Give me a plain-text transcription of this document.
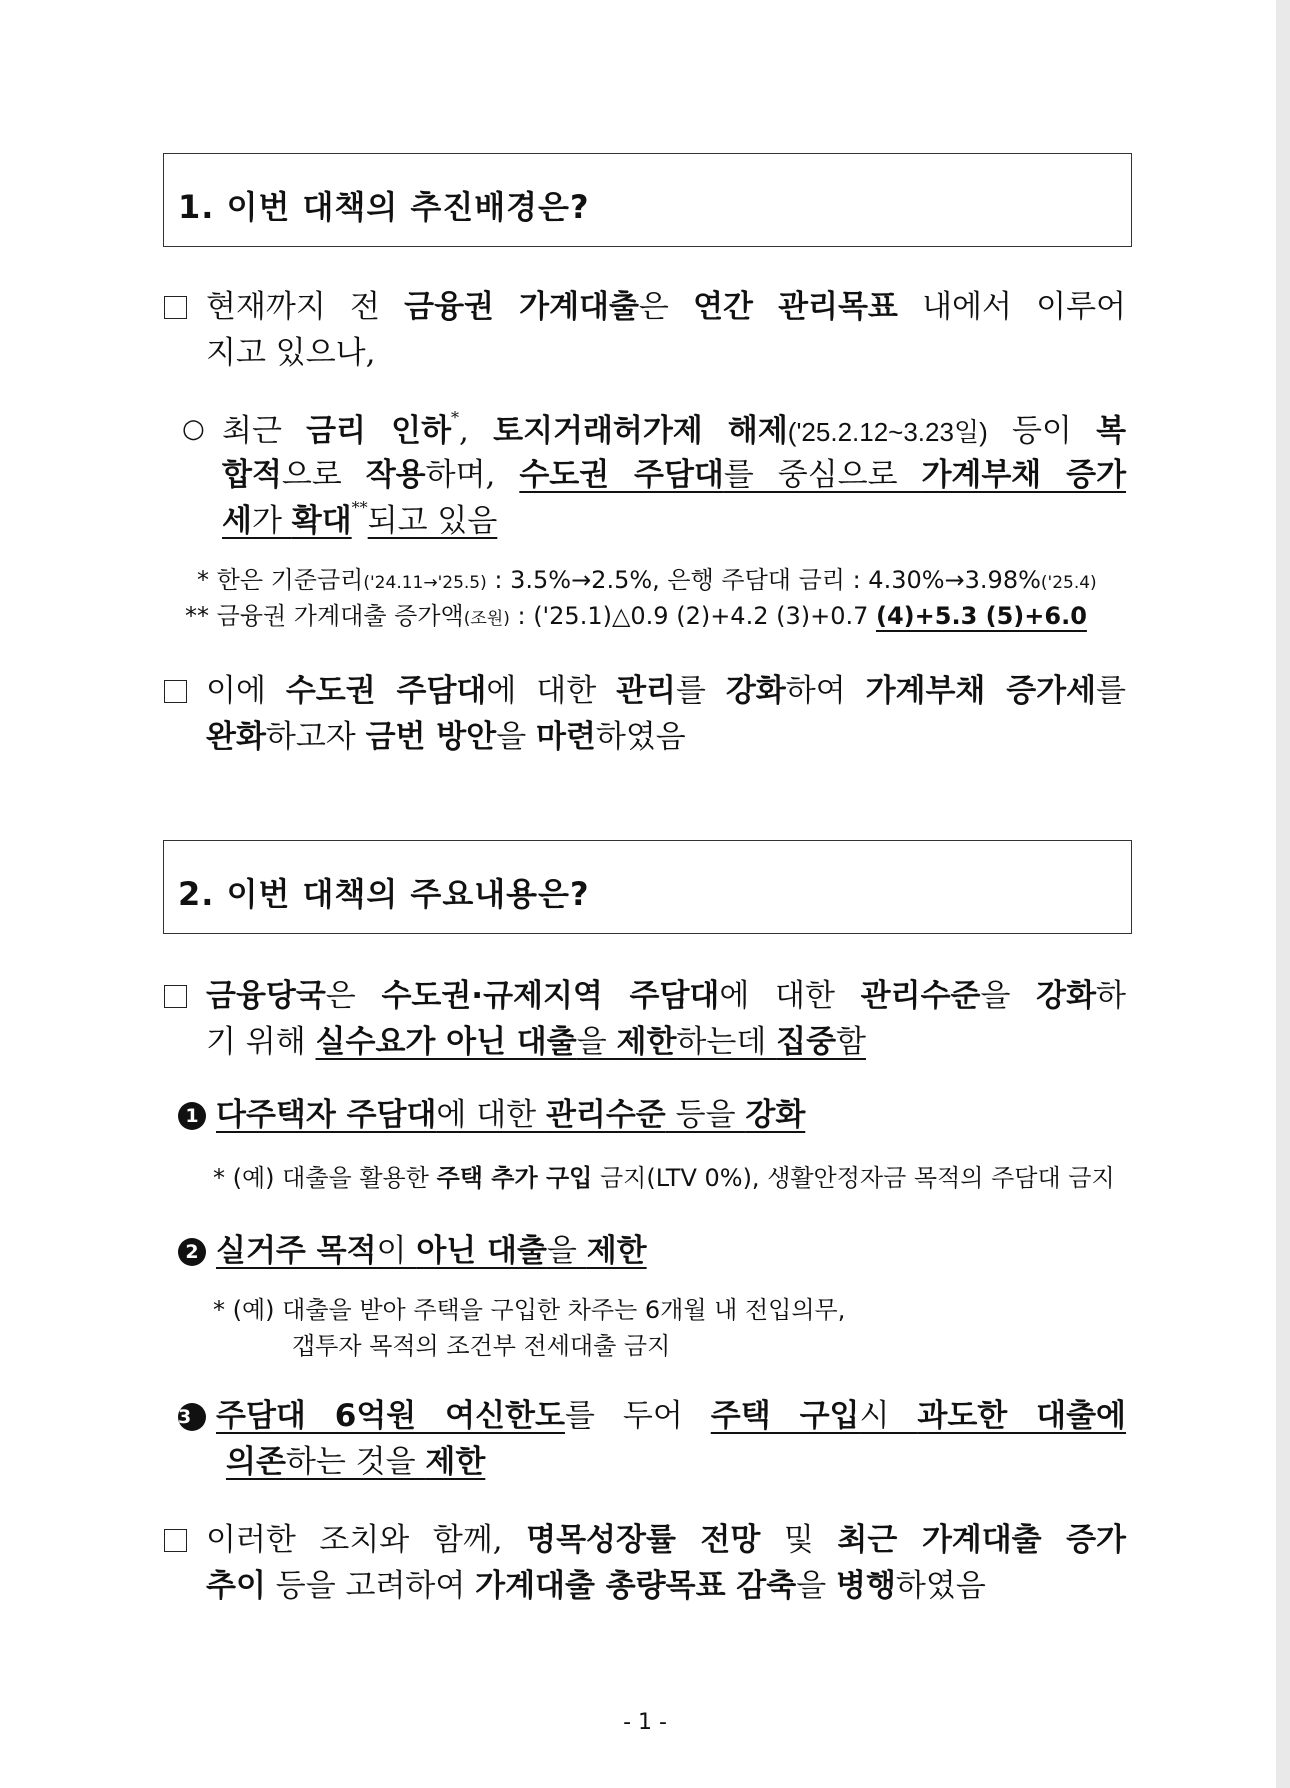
1. 이번 대책의 추진배경은?
현재까지 전 금융권 가계대출은 연간 관리목표 내에서 이루어
지고 있으나,
○ 최근 금리 인하*, 토지거래허가제 해제('25.2.12~3.23일) 등이 복
합적으로 작용하며, 수도권 주담대를 중심으로 가계부채 증가
세가 확대**되고 있음
* 한은 기준금리('24.11→'25.5) : 3.5%→2.5%, 은행 주담대 금리 : 4.30%→3.98%('25.4)
** 금융권 가계대출 증가액(조원) : ('25.1)△0.9 (2)+4.2 (3)+0.7 (4)+5.3 (5)+6.0
이에 수도권 주담대에 대한 관리를 강화하여 가계부채 증가세를
완화하고자 금번 방안을 마련하였음
2. 이번 대책의 주요내용은?
금융당국은 수도권·규제지역 주담대에 대한 관리수준을 강화하
기 위해 실수요가 아닌 대출을 제한하는데 집중함
1 다주택자 주담대에 대한 관리수준 등을 강화
* (예) 대출을 활용한 주택 추가 구입 금지(LTV 0%), 생활안정자금 목적의 주담대 금지
2 실거주 목적이 아닌 대출을 제한
* (예) 대출을 받아 주택을 구입한 차주는 6개월 내 전입의무,
갭투자 목적의 조건부 전세대출 금지
3 주담대 6억원 여신한도를 두어 주택 구입시 과도한 대출에
의존하는 것을 제한
이러한 조치와 함께, 명목성장률 전망 및 최근 가계대출 증가
추이 등을 고려하여 가계대출 총량목표 감축을 병행하였음
- 1 -
